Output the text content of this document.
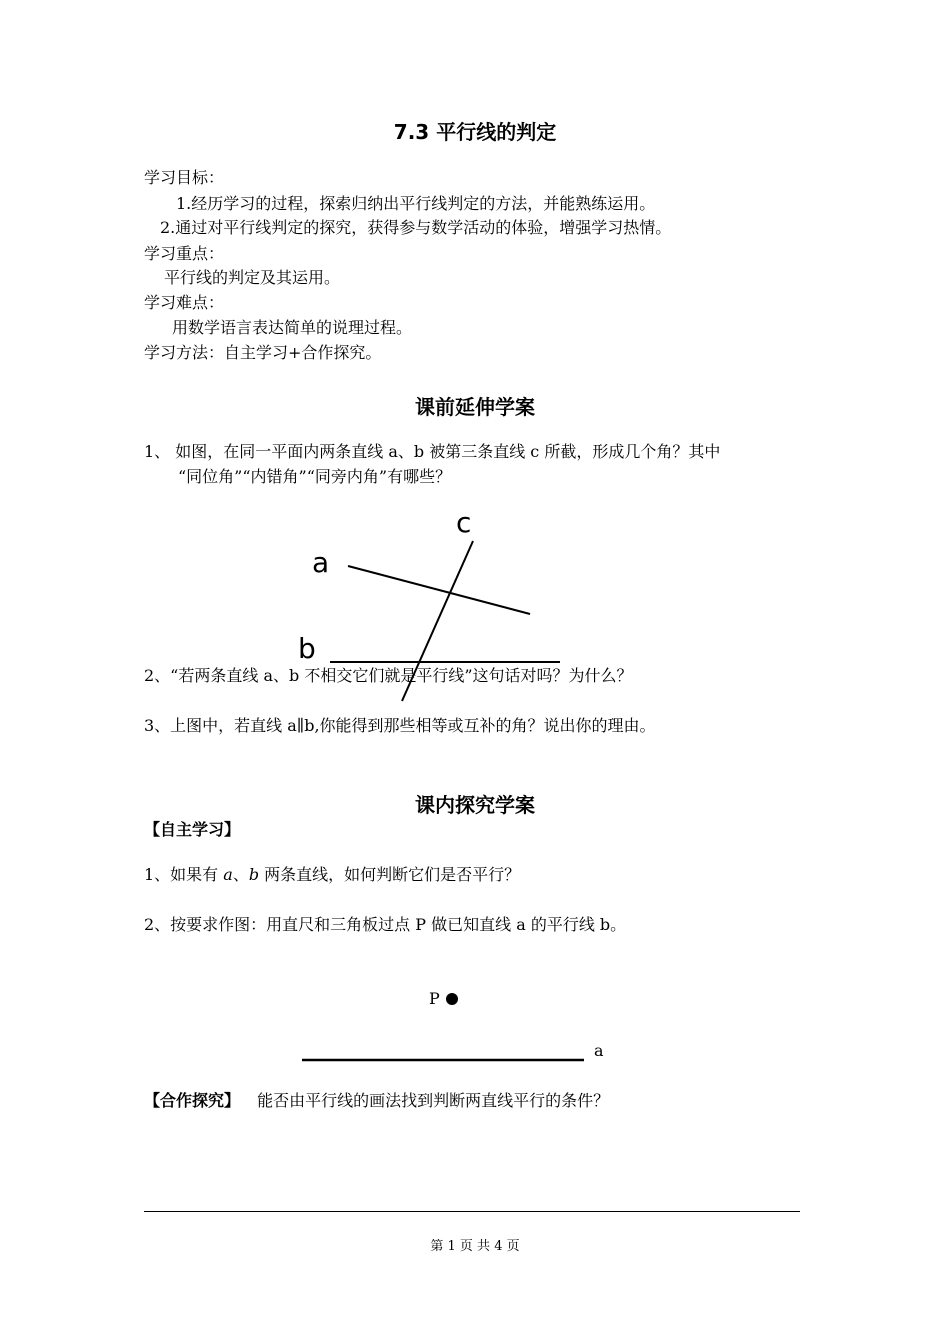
7.3 平行线的判定
学习目标：
1.经历学习的过程，探索归纳出平行线判定的方法，并能熟练运用。
2.通过对平行线判定的探究，获得参与数学活动的体验，增强学习热情。
学习重点：
平行线的判定及其运用。
学习难点：
用数学语言表达简单的说理过程。
学习方法：自主学习+合作探究。
课前延伸学案
1、 如图，在同一平面内两条直线 a、b 被第三条直线 c 所截，形成几个角？其中
“同位角”“内错角”“同旁内角”有哪些？
c
a
b
2、“若两条直线 a、b 不相交它们就是平行线”这句话对吗？为什么？
3、上图中，若直线 a∥b,你能得到那些相等或互补的角？说出你的理由。
课内探究学案
【自主学习】
1、如果有 a、b 两条直线，如何判断它们是否平行？
2、按要求作图：用直尺和三角板过点 P 做已知直线 a 的平行线 b。
P
a
【合作探究】 能否由平行线的画法找到判断两直线平行的条件？
第 1 页 共 4 页
